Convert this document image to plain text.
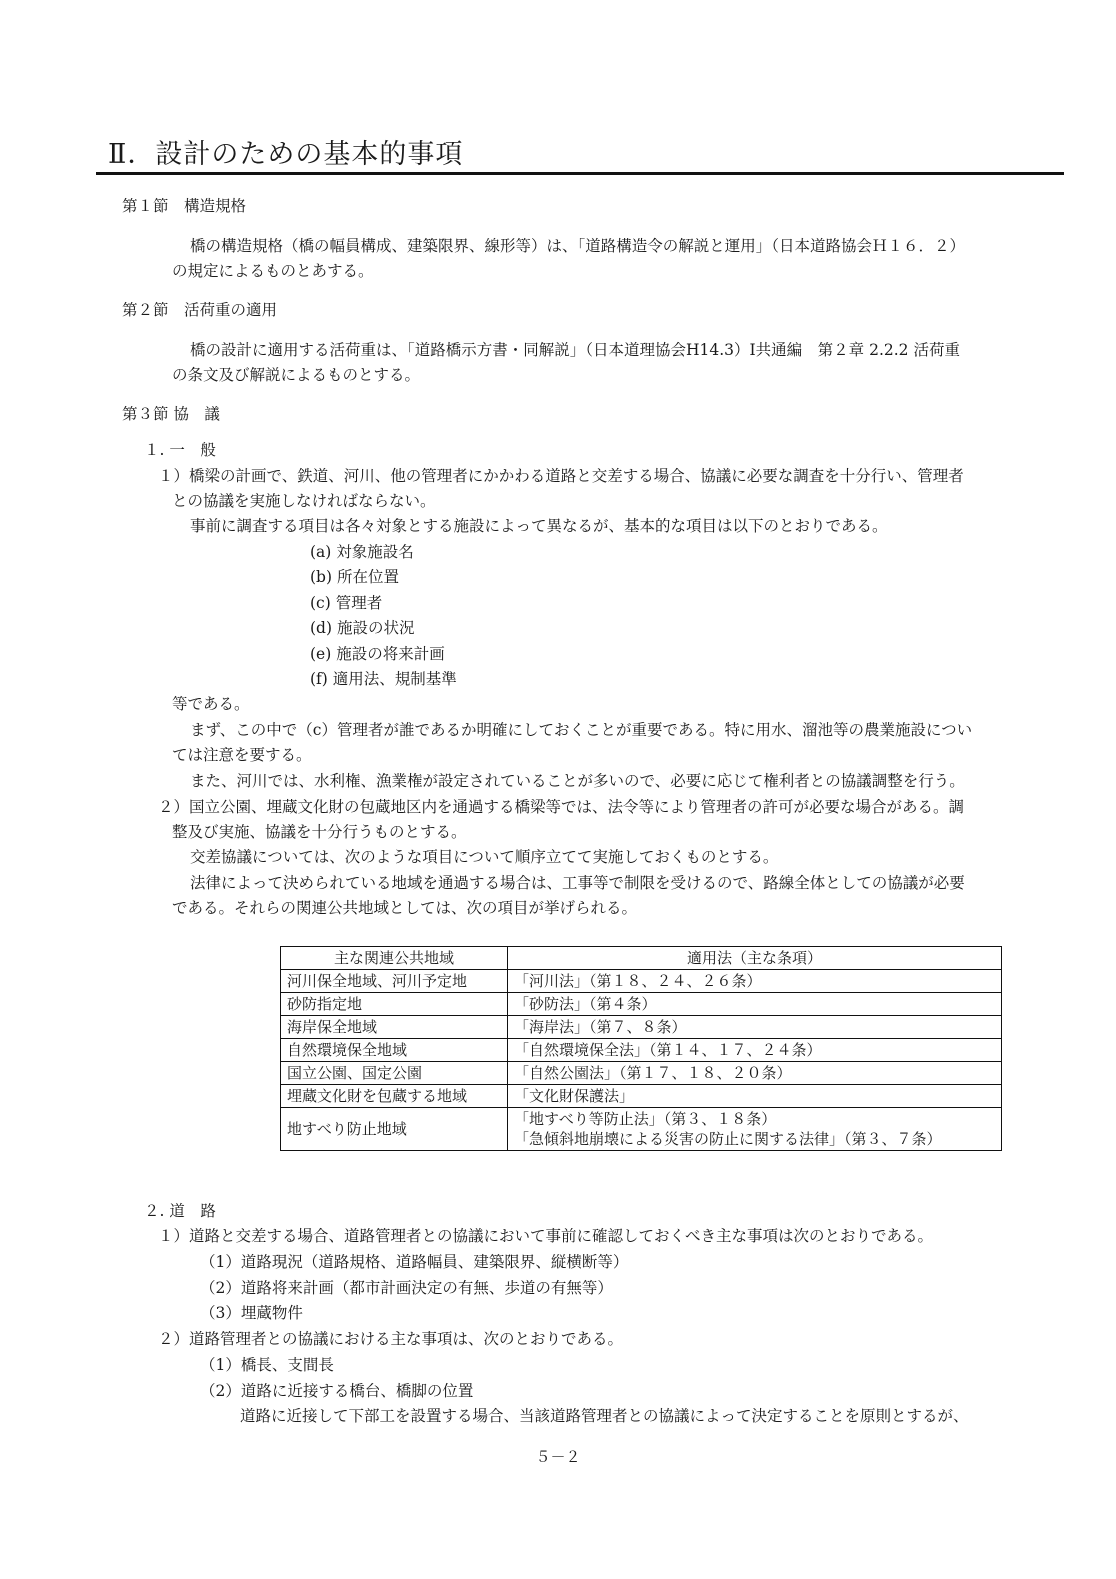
Ⅱ．設計のための基本的事項
第１節　構造規格
橋の構造規格（橋の幅員構成、建築限界、線形等）は、「道路構造令の解説と運用」（日本道路協会Ｈ１６．２）
の規定によるものとあする。
第２節　活荷重の適用
橋の設計に適用する活荷重は、「道路橋示方書・同解説」（日本道理協会H14.3）Ⅰ共通編　第２章 2.2.2 活荷重
の条文及び解説によるものとする。
第３節 協　議
１. 一　般
１）橋梁の計画で、鉄道、河川、他の管理者にかかわる道路と交差する場合、協議に必要な調査を十分行い、管理者
との協議を実施しなければならない。
事前に調査する項目は各々対象とする施設によって異なるが、基本的な項目は以下のとおりである。
(a) 対象施設名
(b) 所在位置
(c) 管理者
(d) 施設の状況
(e) 施設の将来計画
(f) 適用法、規制基準
等である。
まず、この中で（c）管理者が誰であるか明確にしておくことが重要である。特に用水、溜池等の農業施設につい
ては注意を要する。
また、河川では、水利権、漁業権が設定されていることが多いので、必要に応じて権利者との協議調整を行う。
２）国立公園、埋蔵文化財の包蔵地区内を通過する橋梁等では、法令等により管理者の許可が必要な場合がある。調
整及び実施、協議を十分行うものとする。
交差協議については、次のような項目について順序立てて実施しておくものとする。
法律によって決められている地域を通過する場合は、工事等で制限を受けるので、路線全体としての協議が必要
である。それらの関連公共地域としては、次の項目が挙げられる。
主な関連公共地域	適用法（主な条項）
河川保全地域、河川予定地	「河川法」（第１８、２４、２６条）
砂防指定地	「砂防法」（第４条）
海岸保全地域	「海岸法」（第７、８条）
自然環境保全地域	「自然環境保全法」（第１４、１７、２４条）
国立公園、国定公園	「自然公園法」（第１７、１８、２０条）
埋蔵文化財を包蔵する地域	「文化財保護法」
地すべり防止地域	「地すべり等防止法」（第３、１８条）
「急傾斜地崩壊による災害の防止に関する法律」（第３、７条）
２. 道　路
１）道路と交差する場合、道路管理者との協議において事前に確認しておくべき主な事項は次のとおりである。
（1）道路現況（道路規格、道路幅員、建築限界、縦横断等）
（2）道路将来計画（都市計画決定の有無、歩道の有無等）
（3）埋蔵物件
２）道路管理者との協議における主な事項は、次のとおりである。
（1）橋長、支間長
（2）道路に近接する橋台、橋脚の位置
道路に近接して下部工を設置する場合、当該道路管理者との協議によって決定することを原則とするが、
５－２
